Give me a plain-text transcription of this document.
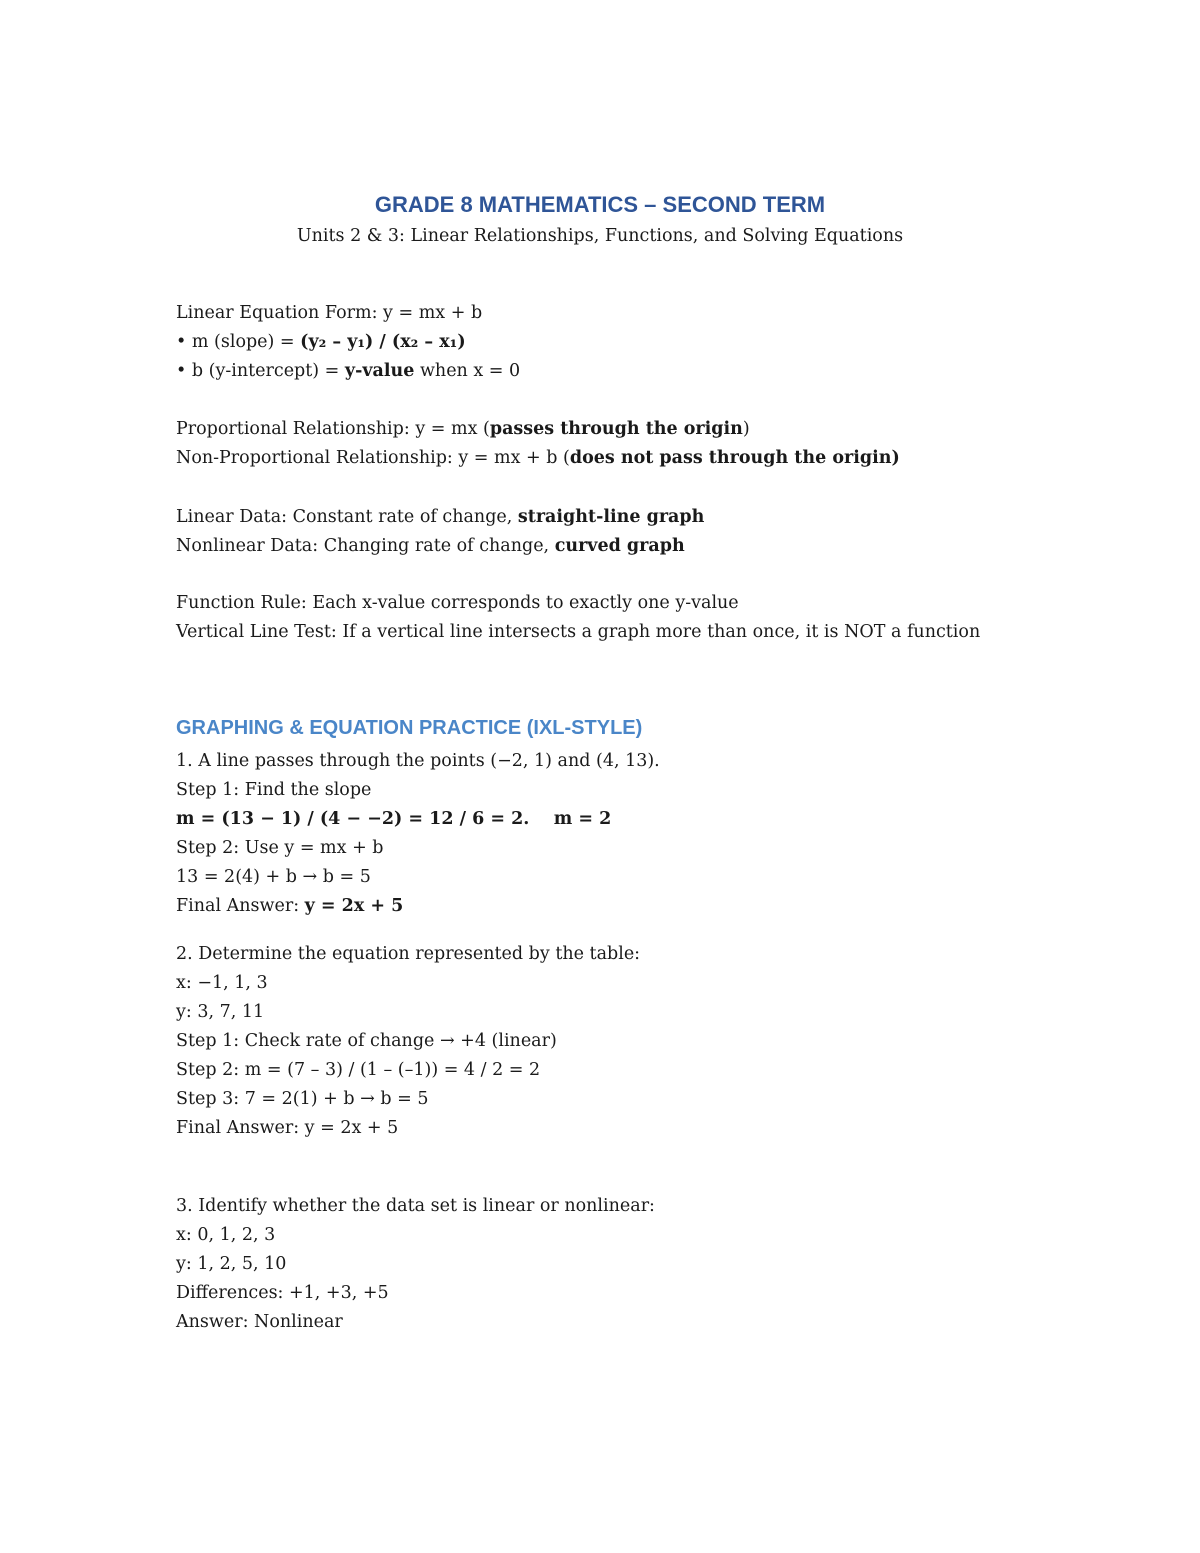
GRADE 8 MATHEMATICS – SECOND TERM

Units 2 & 3: Linear Relationships, Functions, and Solving Equations

Linear Equation Form: y = mx + b
• m (slope) = (y₂ – y₁) / (x₂ – x₁)
• b (y-intercept) = y-value when x = 0
Proportional Relationship: y = mx (passes through the origin)
Non-Proportional Relationship: y = mx + b (does not pass through the origin)
Linear Data: Constant rate of change, straight-line graph
Nonlinear Data: Changing rate of change, curved graph
Function Rule: Each x-value corresponds to exactly one y-value
Vertical Line Test: If a vertical line intersects a graph more than once, it is NOT a function
GRAPHING & EQUATION PRACTICE (IXL-STYLE)
1. A line passes through the points (−2, 1) and (4, 13).
Step 1: Find the slope
m = (13 − 1) / (4 − −2) = 12 / 6 = 2.    m = 2
Step 2: Use y = mx + b
13 = 2(4) + b → b = 5
Final Answer: y = 2x + 5
2. Determine the equation represented by the table:
x: −1, 1, 3
y: 3, 7, 11
Step 1: Check rate of change → +4 (linear)
Step 2: m = (7 – 3) / (1 – (–1)) = 4 / 2 = 2
Step 3: 7 = 2(1) + b → b = 5
Final Answer: y = 2x + 5
3. Identify whether the data set is linear or nonlinear:
x: 0, 1, 2, 3
y: 1, 2, 5, 10
Differences: +1, +3, +5
Answer: Nonlinear
